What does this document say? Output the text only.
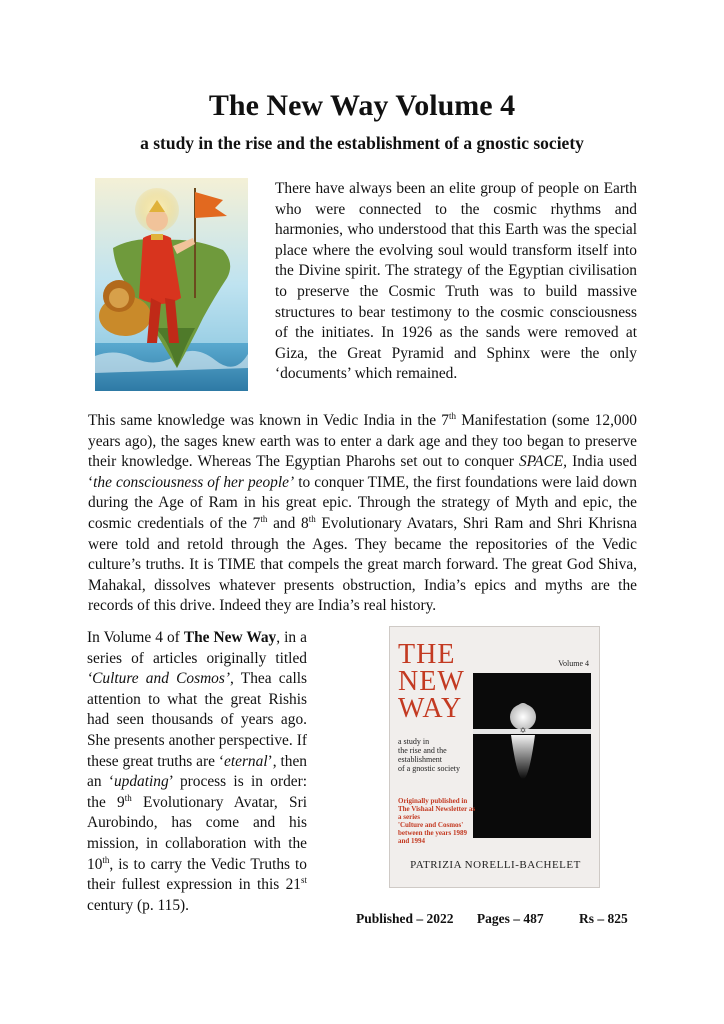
The New Way Volume 4

a study in the rise and the establishment of a gnostic society

There have always been an elite group of people on Earth who were connected to the cosmic rhythms and harmonies, who understood that this Earth was the special place where the evolving soul would transform itself into the Divine spirit. The strategy of the Egyptian civilisation to preserve the Cosmic Truth was to build massive structures to bear testimony to the cosmic consciousness of the initiates. In 1926 as the sands were removed at Giza, the Great Pyramid and Sphinx were the only ‘documents’ which remained.

This same knowledge was known in Vedic India in the 7th Manifestation (some 12,000 years ago), the sages knew earth was to enter a dark age and they too began to preserve their knowledge. Whereas The Egyptian Pharohs set out to conquer SPACE, India used ‘the consciousness of her people’ to conquer TIME, the first foundations were laid down during the Age of Ram in his great epic. Through the strategy of Myth and epic, the cosmic credentials of the 7th and 8th Evolutionary Avatars, Shri Ram and Shri Khrisna were told and retold through the Ages. They became the repositories of the Vedic culture’s truths. It is TIME that compels the great march forward. The great God Shiva, Mahakal, dissolves whatever presents obstruction, India’s epics and myths are the records of this drive. Indeed they are India’s real history.

In Volume 4 of The New Way, in a series of articles originally titled ‘Culture and Cosmos’, Thea calls attention to what the great Rishis had seen thousands of years ago. She presents another perspective. If these great truths are ‘eternal’, then an ‘updating’ process is in order: the 9th Evolutionary Avatar, Sri Aurobindo, has come and his mission, in collaboration with the 10th, is to carry the Vedic Truths to their fullest expression in this 21st century (p. 115).

✡
THE
NEW
WAY
Volume 4
a study in
the rise and the
establishment
of a gnostic society
Originally published in
The Vishaal Newsletter as a series
'Culture and Cosmos'
between the years 1989 and 1994
PATRIZIA NORELLI-BACHELET

Published – 2022 Pages – 487	Rs – 825
